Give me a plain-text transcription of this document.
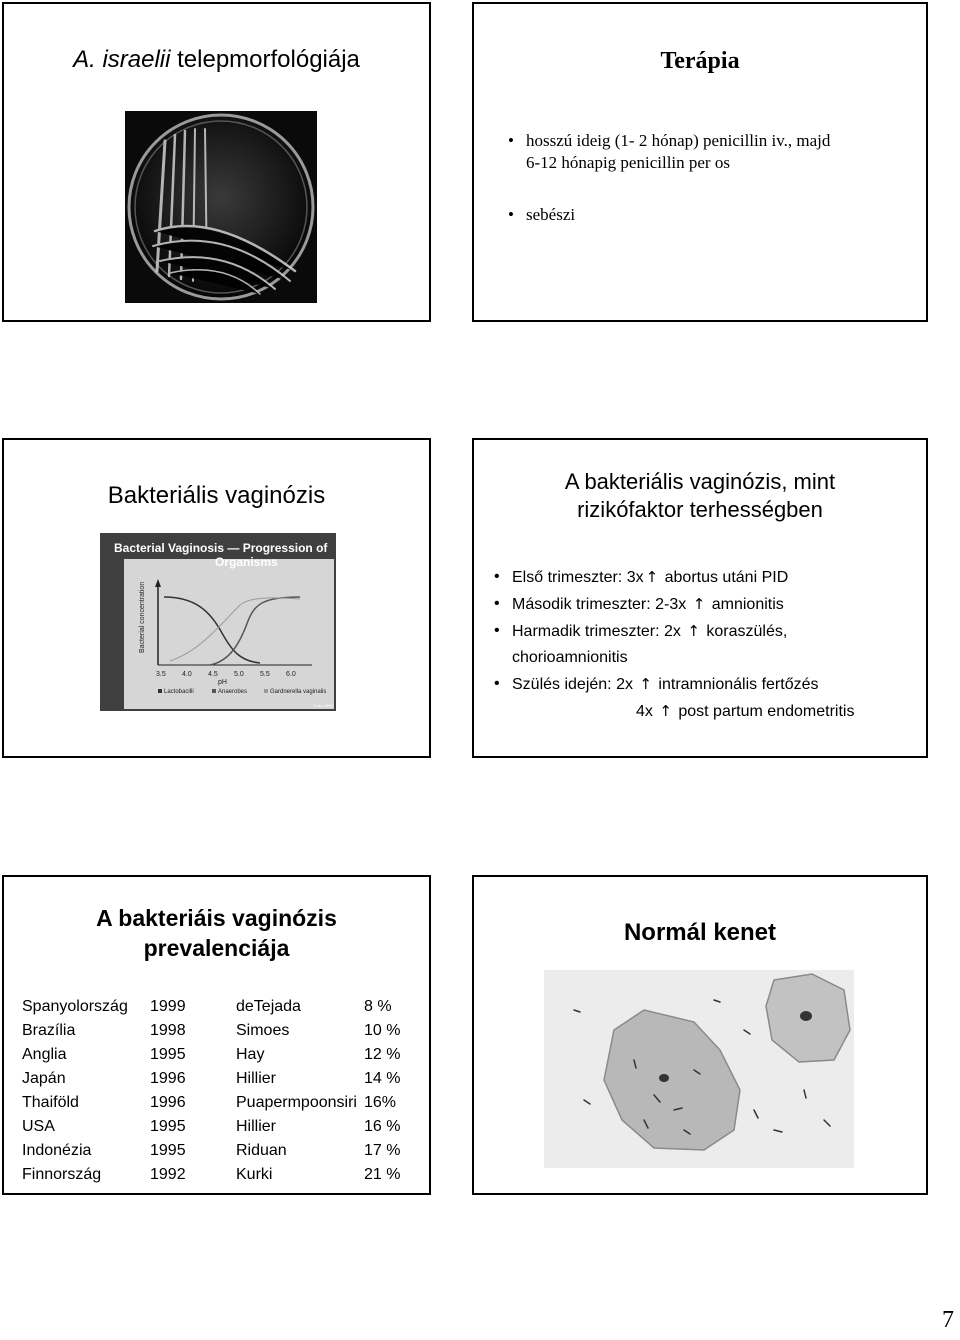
A. israelii telepmorfológiája	Terápia
• hosszú ideig (1- 2 hónap) penicillin iv., majd 6-12 hónapig penicillin per os
• sebészi
Bakteriális vaginózis
Bacterial Vaginosis — Progression of
Organisms
Bacterial concentration
3.5 4.0 4.5 5.0 5.5 6.0
pH
Lactobacilli	Anaerobes	Gardnerella vaginalis
Fuss 1995
A bakteriális vaginózis, mint
rizikófaktor terhességben
• Első trimeszter: 3x ↑ abortus utáni PID
• Második trimeszter: 2-3x ↑ amnionitis
• Harmadik trimeszter: 2x ↑ koraszülés,
chorioamnionitis
• Szülés idején: 2x ↑ intramnionális fertőzés
4x ↑ post partum endometritis
A bakteriáis vaginózis
prevalenciája
Spanyolország	1999	deTejada	8 %
Brazília	1998	Simoes	10 %
Anglia	1995	Hay	12 %
Japán	1996	Hillier	14 %
Thaiföld	1996	Puapermpoonsiri	16%
USA	1995	Hillier	16 %
Indonézia	1995	Riduan	17 %
Finnország	1992	Kurki	21 %
Normál kenet
7
